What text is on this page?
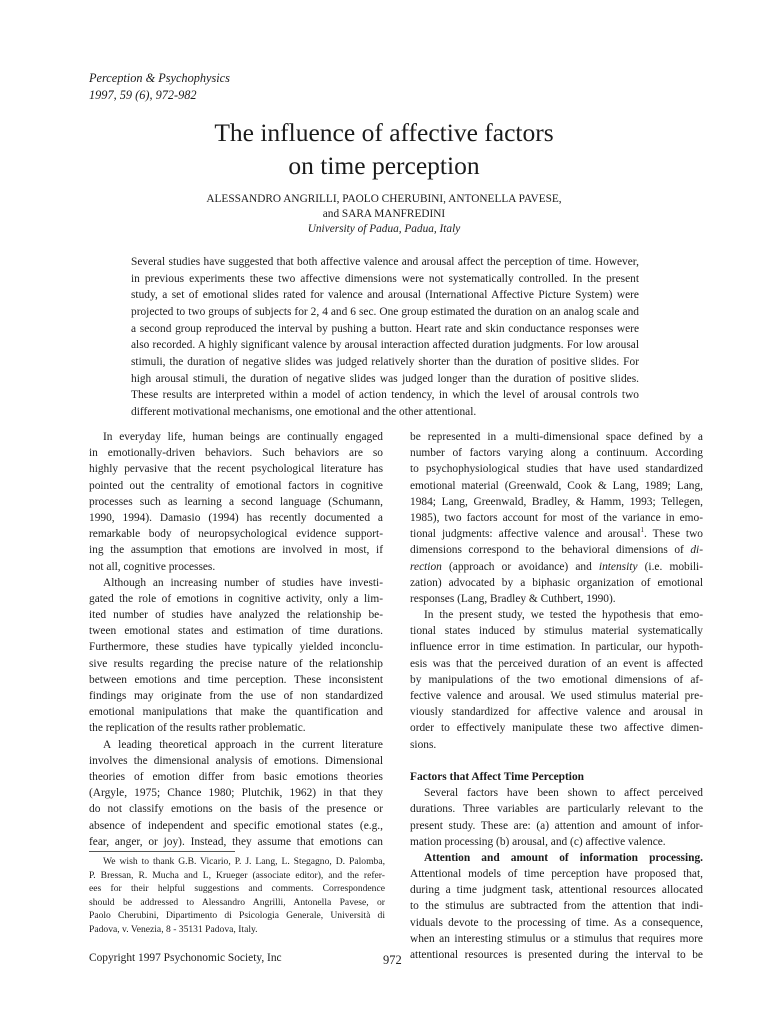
Perception & Psychophysics
1997, 59 (6), 972-982
The influence of affective factors
on time perception
ALESSANDRO ANGRILLI, PAOLO CHERUBINI, ANTONELLA PAVESE,
and SARA MANFREDINI
University of Padua, Padua, Italy
Several studies have suggested that both affective valence and arousal affect the perception of time. However, in previous experiments these two affective dimensions were not systematically controlled. In the present study, a set of emotional slides rated for valence and arousal (International Affective Picture System) were projected to two groups of subjects for 2, 4 and 6 sec. One group estimated the duration on an analog scale and a second group reproduced the interval by pushing a button. Heart rate and skin conductance responses were also recorded. A highly significant valence by arousal interaction affected duration judgments. For low arousal stimuli, the duration of negative slides was judged relatively shorter than the duration of positive slides. For high arousal stimuli, the duration of negative slides was judged longer than the duration of positive slides. These results are interpreted within a model of action tendency, in which the level of arousal controls two different motivational mechanisms, one emotional and the other attentional.
In everyday life, human beings are continually engaged
in emotionally-driven behaviors. Such behaviors are so
highly pervasive that the recent psychological literature has
pointed out the centrality of emotional factors in cognitive
processes such as learning a second language (Schumann,
1990, 1994). Damasio (1994) has recently documented a
remarkable body of neuropsychological evidence support-
ing the assumption that emotions are involved in most, if
not all, cognitive processes.
Although an increasing number of studies have investi-
gated the role of emotions in cognitive activity, only a lim-
ited number of studies have analyzed the relationship be-
tween emotional states and estimation of time durations.
Furthermore, these studies have typically yielded inconclu-
sive results regarding the precise nature of the relationship
between emotions and time perception. These inconsistent
findings may originate from the use of non standardized
emotional manipulations that make the quantification and
the replication of the results rather problematic.
A leading theoretical approach in the current literature
involves the dimensional analysis of emotions. Dimensional
theories of emotion differ from basic emotions theories
(Argyle, 1975; Chance 1980; Plutchik, 1962) in that they
do not classify emotions on the basis of the presence or
absence of independent and specific emotional states (e.g.,
fear, anger, or joy). Instead, they assume that emotions can
be represented in a multi-dimensional space defined by a
number of factors varying along a continuum. According
to psychophysiological studies that have used standardized
emotional material (Greenwald, Cook & Lang, 1989; Lang,
1984; Lang, Greenwald, Bradley, & Hamm, 1993; Tellegen,
1985), two factors account for most of the variance in emo-
tional judgments: affective valence and arousal$^1$. These two
dimensions correspond to the behavioral dimensions of di-
rection (approach or avoidance) and intensity (i.e. mobili-
zation) advocated by a biphasic organization of emotional
responses (Lang, Bradley & Cuthbert, 1990).
In the present study, we tested the hypothesis that emo-
tional states induced by stimulus material systematically
influence error in time estimation. In particular, our hypoth-
esis was that the perceived duration of an event is affected
by manipulations of the two emotional dimensions of af-
fective valence and arousal. We used stimulus material pre-
viously standardized for affective valence and arousal in
order to effectively manipulate these two affective dimen-
sions.
Factors that Affect Time Perception
Several factors have been shown to affect perceived
durations. Three variables are particularly relevant to the
present study. These are: (a) attention and amount of infor-
mation processing (b) arousal, and (c) affective valence.
Attention and amount of information processing.
Attentional models of time perception have proposed that,
during a time judgment task, attentional resources allocated
to the stimulus are subtracted from the attention that indi-
viduals devote to the processing of time. As a consequence,
when an interesting stimulus or a stimulus that requires more
attentional resources is presented during the interval to be
We wish to thank G.B. Vicario, P. J. Lang, L. Stegagno, D. Palomba,
P. Bressan, R. Mucha and L, Krueger (associate editor), and the refer-
ees for their helpful suggestions and comments. Correspondence
should be addressed to Alessandro Angrilli, Antonella Pavese, or
Paolo Cherubini, Dipartimento di Psicologia Generale, Università di
Padova, v. Venezia, 8 - 35131 Padova, Italy.
Copyright 1997 Psychonomic Society, Inc	972
